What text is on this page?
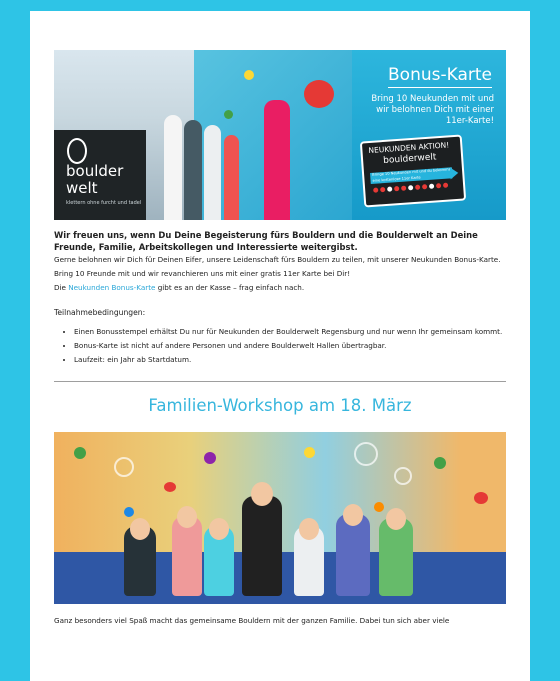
boulder
welt
klettern ohne furcht und tadel
Bonus-Karte
Bring 10 Neukunden mit und wir belohnen Dich mit einer 11er-Karte!
NEUKUNDEN AKTION!
boulderwelt
Bringe 10 Neukunden mit und du bekommst eine kostenlose 11er Karte

Wir freuen uns, wenn Du Deine Begeisterung fürs Bouldern und die Boulderwelt an Deine Freunde, Familie, Arbeitskollegen und Interessierte weitergibst.

Gerne belohnen wir Dich für Deinen Eifer, unsere Leidenschaft fürs Bouldern zu teilen, mit unserer Neukunden Bonus-Karte. Bring 10 Freunde mit und wir revanchieren uns mit einer gratis 11er Karte bei Dir!

Die Neukunden Bonus-Karte gibt es an der Kasse – frag einfach nach.

Teilnahmebedingungen:

• Einen Bonusstempel erhältst Du nur für Neukunden der Boulderwelt Regensburg und nur wenn Ihr gemeinsam kommt.
• Bonus-Karte ist nicht auf andere Personen und andere Boulderwelt Hallen übertragbar.
• Laufzeit: ein Jahr ab Startdatum.
Familien-Workshop am 18. März

Ganz besonders viel Spaß macht das gemeinsame Bouldern mit der ganzen Familie. Dabei tun sich aber viele
